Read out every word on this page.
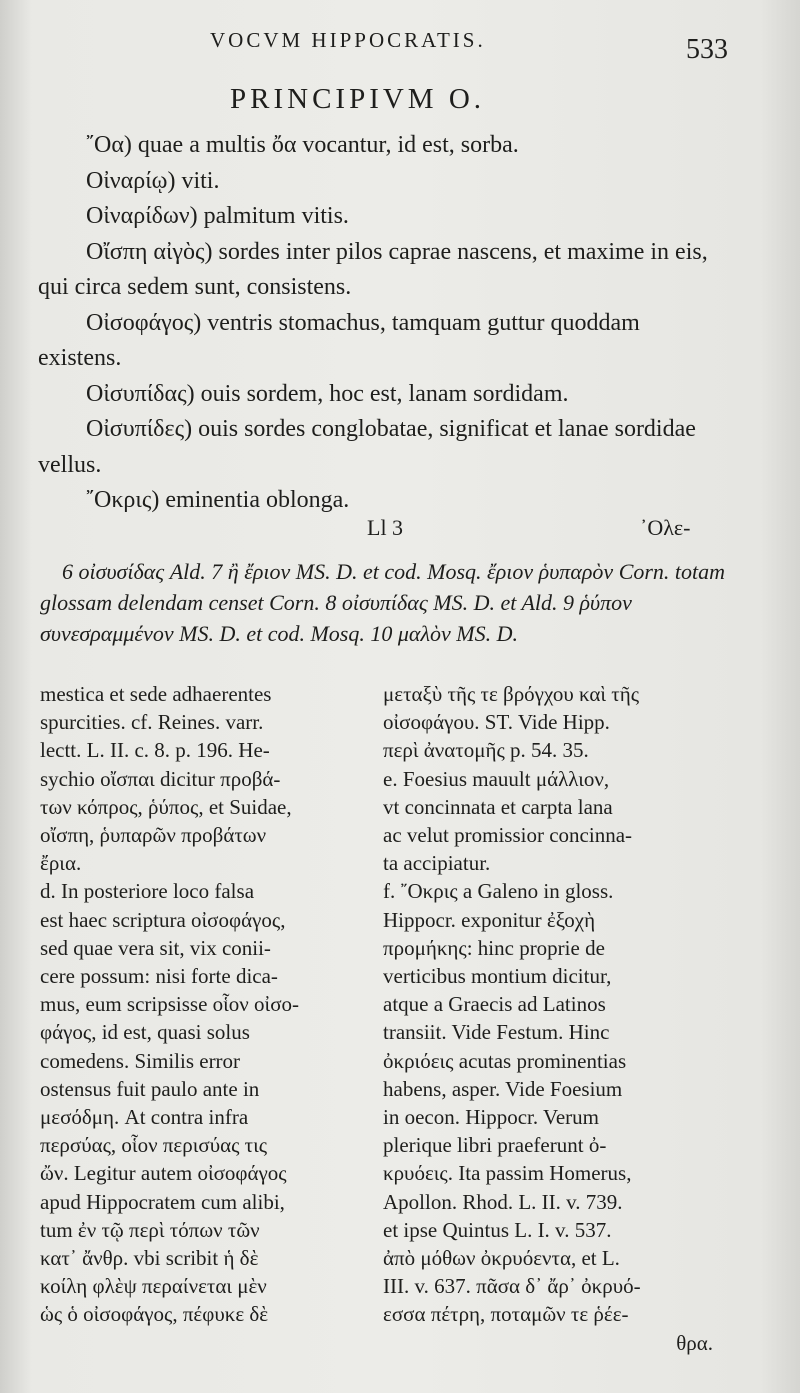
VOCVM HIPPOCRATIS.	533
PRINCIPIVM O.

῎Οα) quae a multis ὄα vocantur, id est, sorba.

Οἰναρίῳ) viti.

Οἰναρίδων) palmitum vitis.

Οἴσπη αἰγὸς) sordes inter pilos caprae nascens, et maxime in eis, qui circa sedem sunt, consistens.

Οἰσοφάγος) ventris stomachus, tamquam guttur quoddam existens.

Οἰσυπίδας) ouis sordem, hoc est, lanam sordidam.

Οἰσυπίδες) ouis sordes conglobatae, significat et lanae sordidae vellus.

῎Οκρις) eminentia oblonga.

Ll 3	᾽Ολε-
6 οἰσυσίδας Ald. 7 ἢ ἔριον MS. D. et cod. Mosq. ἔριον ῥυπαρὸν Corn. totam glossam delendam censet Corn. 8 οἰσυπίδας MS. D. et Ald. 9 ῥύπον συνεσραμμένον MS. D. et cod. Mosq. 10 μαλὸν MS. D.
mestica et sede adhaerentes
spurcities. cf. Reines. varr.
lectt. L. II. c. 8. p. 196. He-
sychio οἴσπαι dicitur προβά-
των κόπρος, ῥύπος, et Suidae,
οἴσπη, ῥυπαρῶν προβάτων
ἔρια.
d. In posteriore loco falsa
est haec scriptura οἰσοφάγος,
sed quae vera sit, vix conii-
cere possum: nisi forte dica-
mus, eum scripsisse οἷον οἰσο-
φάγος, id est, quasi solus
comedens. Similis error
ostensus fuit paulo ante in
μεσόδμη. At contra infra
περσύας, οἷον περισύας τις
ὤν. Legitur autem οἰσοφάγος
apud Hippocratem cum alibi,
tum ἐν τῷ περὶ τόπων τῶν
κατ᾽ ἄνθρ. vbi scribit ἡ δὲ
κοίλη φλὲψ περαίνεται μὲν
ὡς ὁ οἰσοφάγος, πέφυκε δὲ
μεταξὺ τῆς τε βρόγχου καὶ τῆς
οἰσοφάγου. ST. Vide Hipp.
περὶ ἀνατομῆς p. 54. 35.
e. Foesius mauult μάλλιον,
vt concinnata et carpta lana
ac velut promissior concinna-
ta accipiatur.
f. ῎Οκρις a Galeno in gloss.
Hippocr. exponitur ἐξοχὴ
προμήκης: hinc proprie de
verticibus montium dicitur,
atque a Graecis ad Latinos
transiit. Vide Festum. Hinc
ὀκριόεις acutas prominentias
habens, asper. Vide Foesium
in oecon. Hippocr. Verum
plerique libri praeferunt ὀ-
κρυόεις. Ita passim Homerus,
Apollon. Rhod. L. II. v. 739.
et ipse Quintus L. I. v. 537.
ἀπὸ μόθων ὀκρυόεντα, et L.
III. v. 637. πᾶσα δ᾽ ἄρ᾽ ὀκρυό-
εσσα πέτρη, ποταμῶν τε ῥέε-
θρα.
